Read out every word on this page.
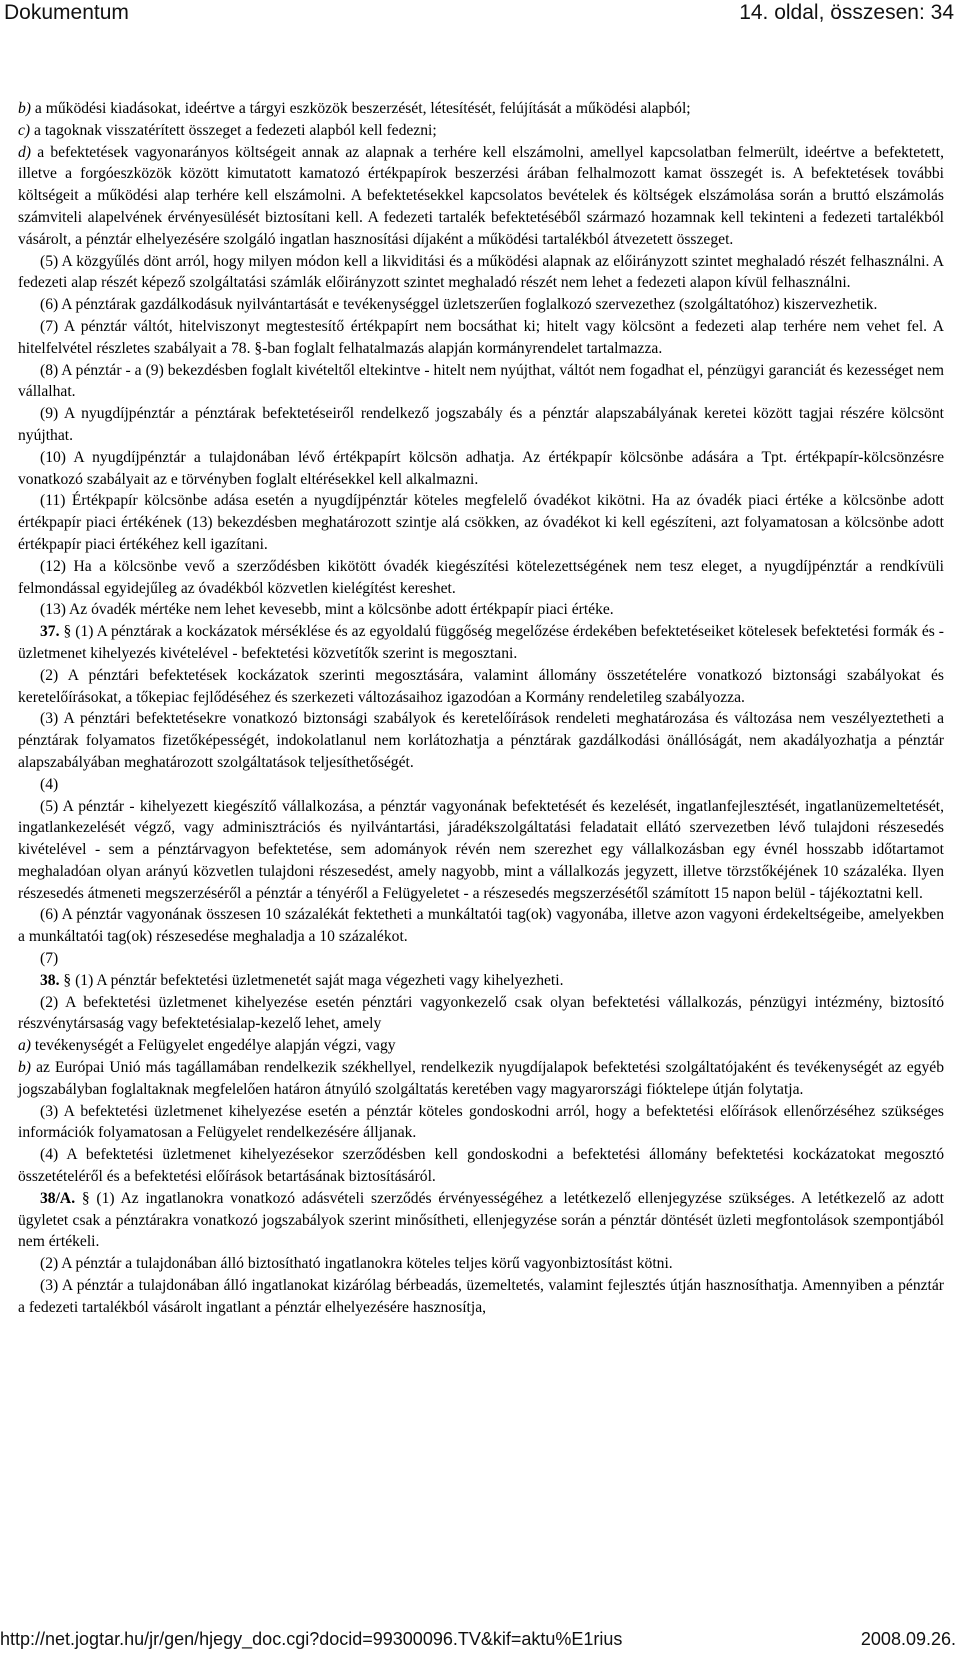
Dokumentum	14. oldal, összesen: 34

b) a működési kiadásokat, ideértve a tárgyi eszközök beszerzését, létesítését, felújítását a működési alapból;

c) a tagoknak visszatérített összeget a fedezeti alapból kell fedezni;

d) a befektetések vagyonarányos költségeit annak az alapnak a terhére kell elszámolni, amellyel kapcsolatban felmerült, ideértve a befektetett, illetve a forgóeszközök között kimutatott kamatozó értékpapírok beszerzési árában felhalmozott kamat összegét is. A befektetések további költségeit a működési alap terhére kell elszámolni. A befektetésekkel kapcsolatos bevételek és költségek elszámolása során a bruttó elszámolás számviteli alapelvének érvényesülését biztosítani kell. A fedezeti tartalék befektetéséből származó hozamnak kell tekinteni a fedezeti tartalékból vásárolt, a pénztár elhelyezésére szolgáló ingatlan hasznosítási díjaként a működési tartalékból átvezetett összeget.

(5) A közgyűlés dönt arról, hogy milyen módon kell a likviditási és a működési alapnak az előirányzott szintet meghaladó részét felhasználni. A fedezeti alap részét képező szolgáltatási számlák előirányzott szintet meghaladó részét nem lehet a fedezeti alapon kívül felhasználni.

(6) A pénztárak gazdálkodásuk nyilvántartását e tevékenységgel üzletszerűen foglalkozó szervezethez (szolgáltatóhoz) kiszervezhetik.

(7) A pénztár váltót, hitelviszonyt megtestesítő értékpapírt nem bocsáthat ki; hitelt vagy kölcsönt a fedezeti alap terhére nem vehet fel. A hitelfelvétel részletes szabályait a 78. §-ban foglalt felhatalmazás alapján kormányrendelet tartalmazza.

(8) A pénztár - a (9) bekezdésben foglalt kivételtől eltekintve - hitelt nem nyújthat, váltót nem fogadhat el, pénzügyi garanciát és kezességet nem vállalhat.

(9) A nyugdíjpénztár a pénztárak befektetéseiről rendelkező jogszabály és a pénztár alapszabályának keretei között tagjai részére kölcsönt nyújthat.

(10) A nyugdíjpénztár a tulajdonában lévő értékpapírt kölcsön adhatja. Az értékpapír kölcsönbe adására a Tpt. értékpapír-kölcsönzésre vonatkozó szabályait az e törvényben foglalt eltérésekkel kell alkalmazni.

(11) Értékpapír kölcsönbe adása esetén a nyugdíjpénztár köteles megfelelő óvadékot kikötni. Ha az óvadék piaci értéke a kölcsönbe adott értékpapír piaci értékének (13) bekezdésben meghatározott szintje alá csökken, az óvadékot ki kell egészíteni, azt folyamatosan a kölcsönbe adott értékpapír piaci értékéhez kell igazítani.

(12) Ha a kölcsönbe vevő a szerződésben kikötött óvadék kiegészítési kötelezettségének nem tesz eleget, a nyugdíjpénztár a rendkívüli felmondással egyidejűleg az óvadékból közvetlen kielégítést kereshet.

(13) Az óvadék mértéke nem lehet kevesebb, mint a kölcsönbe adott értékpapír piaci értéke.

37. § (1) A pénztárak a kockázatok mérséklése és az egyoldalú függőség megelőzése érdekében befektetéseiket kötelesek befektetési formák és - üzletmenet kihelyezés kivételével - befektetési közvetítők szerint is megosztani.

(2) A pénztári befektetések kockázatok szerinti megosztására, valamint állomány összetételére vonatkozó biztonsági szabályokat és keretelőírásokat, a tőkepiac fejlődéséhez és szerkezeti változásaihoz igazodóan a Kormány rendeletileg szabályozza.

(3) A pénztári befektetésekre vonatkozó biztonsági szabályok és keretelőírások rendeleti meghatározása és változása nem veszélyeztetheti a pénztárak folyamatos fizetőképességét, indokolatlanul nem korlátozhatja a pénztárak gazdálkodási önállóságát, nem akadályozhatja a pénztár alapszabályában meghatározott szolgáltatások teljesíthetőségét.

(4)

(5) A pénztár - kihelyezett kiegészítő vállalkozása, a pénztár vagyonának befektetését és kezelését, ingatlanfejlesztését, ingatlanüzemeltetését, ingatlankezelését végző, vagy adminisztrációs és nyilvántartási, járadékszolgáltatási feladatait ellátó szervezetben lévő tulajdoni részesedés kivételével - sem a pénztárvagyon befektetése, sem adományok révén nem szerezhet egy vállalkozásban egy évnél hosszabb időtartamot meghaladóan olyan arányú közvetlen tulajdoni részesedést, amely nagyobb, mint a vállalkozás jegyzett, illetve törzstőkéjének 10 százaléka. Ilyen részesedés átmeneti megszerzéséről a pénztár a tényéről a Felügyeletet - a részesedés megszerzésétől számított 15 napon belül - tájékoztatni kell.

(6) A pénztár vagyonának összesen 10 százalékát fektetheti a munkáltatói tag(ok) vagyonába, illetve azon vagyoni érdekeltségeibe, amelyekben a munkáltatói tag(ok) részesedése meghaladja a 10 százalékot.

(7)

38. § (1) A pénztár befektetési üzletmenetét saját maga végezheti vagy kihelyezheti.

(2) A befektetési üzletmenet kihelyezése esetén pénztári vagyonkezelő csak olyan befektetési vállalkozás, pénzügyi intézmény, biztosító részvénytársaság vagy befektetésialap-kezelő lehet, amely

a) tevékenységét a Felügyelet engedélye alapján végzi, vagy

b) az Európai Unió más tagállamában rendelkezik székhellyel, rendelkezik nyugdíjalapok befektetési szolgáltatójaként és tevékenységét az egyéb jogszabályban foglaltaknak megfelelően határon átnyúló szolgáltatás keretében vagy magyarországi fióktelepe útján folytatja.

(3) A befektetési üzletmenet kihelyezése esetén a pénztár köteles gondoskodni arról, hogy a befektetési előírások ellenőrzéséhez szükséges információk folyamatosan a Felügyelet rendelkezésére álljanak.

(4) A befektetési üzletmenet kihelyezésekor szerződésben kell gondoskodni a befektetési állomány befektetési kockázatokat megosztó összetételéről és a befektetési előírások betartásának biztosításáról.

38/A. § (1) Az ingatlanokra vonatkozó adásvételi szerződés érvényességéhez a letétkezelő ellenjegyzése szükséges. A letétkezelő az adott ügyletet csak a pénztárakra vonatkozó jogszabályok szerint minősítheti, ellenjegyzése során a pénztár döntését üzleti megfontolások szempontjából nem értékeli.

(2) A pénztár a tulajdonában álló biztosítható ingatlanokra köteles teljes körű vagyonbiztosítást kötni.

(3) A pénztár a tulajdonában álló ingatlanokat kizárólag bérbeadás, üzemeltetés, valamint fejlesztés útján hasznosíthatja. Amennyiben a pénztár a fedezeti tartalékból vásárolt ingatlant a pénztár elhelyezésére hasznosítja,

http://net.jogtar.hu/jr/gen/hjegy_doc.cgi?docid=99300096.TV&kif=aktu%E1rius	2008.09.26.
